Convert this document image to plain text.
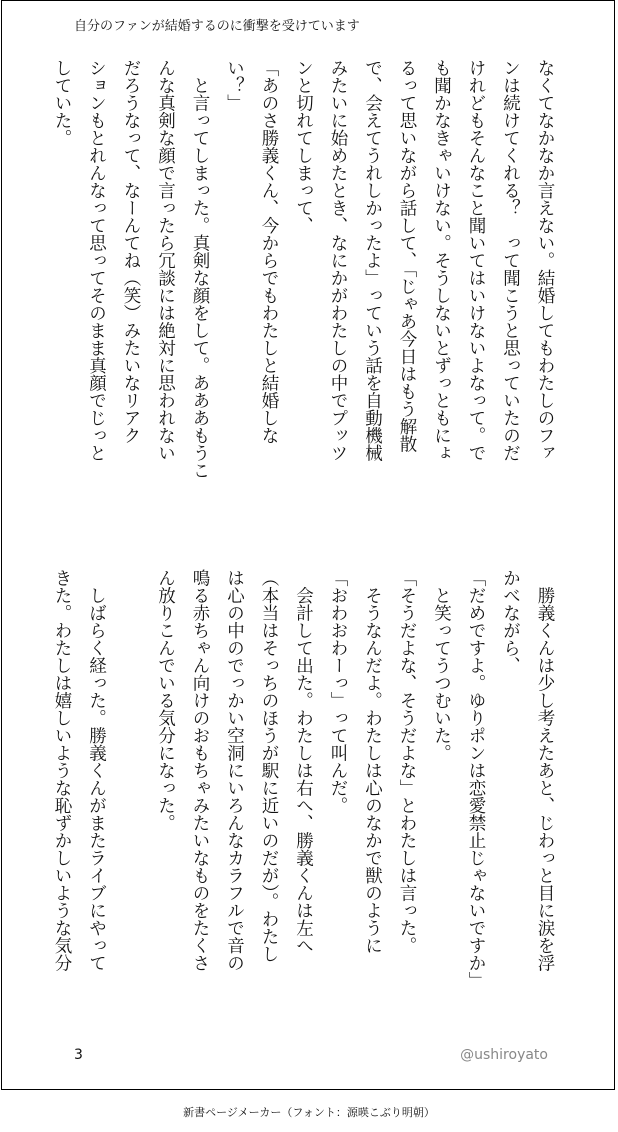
自分のファンが結婚するのに衝撃を受けています
なくてなかなか言えない。結婚してもわたしのファ
ンは続けてくれる？　って聞こうと思っていたのだ
けれどもそんなこと聞いてはいけないよなって。で
も聞かなきゃいけない。そうしないとずっともにょ
るって思いながら話して、「じゃあ今日はもう解散
で、会えてうれしかったよ」っていう話を自動機械
みたいに始めたとき、なにかがわたしの中でプッツ
ンと切れてしまって、
「あのさ勝義くん、今からでもわたしと結婚しな
い？」
　と言ってしまった。真剣な顔をして。あああもうこ
んな真剣な顔で言ったら冗談には絶対に思われない
だろうなって、なーんてね（笑）みたいなリアク
ションもとれんなって思ってそのまま真顔でじっと
していた。
　勝義くんは少し考えたあと、じわっと目に涙を浮
かべながら、
「だめですよ。ゆりポンは恋愛禁止じゃないですか」
　と笑ってうつむいた。
「そうだよな、そうだよな」とわたしは言った。
　そうなんだよ。わたしは心のなかで獣のように
「おわおわーっ」って叫んだ。
　会計して出た。わたしは右へ、勝義くんは左へ
（本当はそっちのほうが駅に近いのだが）。わたし
は心の中のでっかい空洞にいろんなカラフルで音の
鳴る赤ちゃん向けのおもちゃみたいなものをたくさ
ん放りこんでいる気分になった。

　しばらく経った。勝義くんがまたライブにやって
きた。わたしは嬉しいような恥ずかしいような気分
3	@ushiroyato
新書ページメーカー（フォント：源暎こぶり明朝）
